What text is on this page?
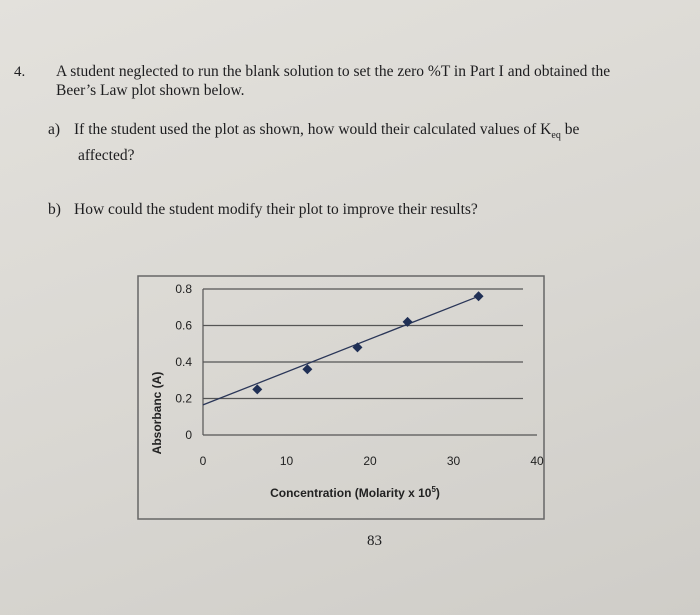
4. A student neglected to run the blank solution to set the zero %T in Part I and obtained the
Beer’s Law plot shown below.
a) If the student used the plot as shown, how would their calculated values of $K_{eq}$ be
affected?
b) How could the student modify their plot to improve their results?
0
0.2
0.4
0.6
0.8
0	10	20	30	40
Absorbanc (A)
Concentration (Molarity x $10^5$)
83
